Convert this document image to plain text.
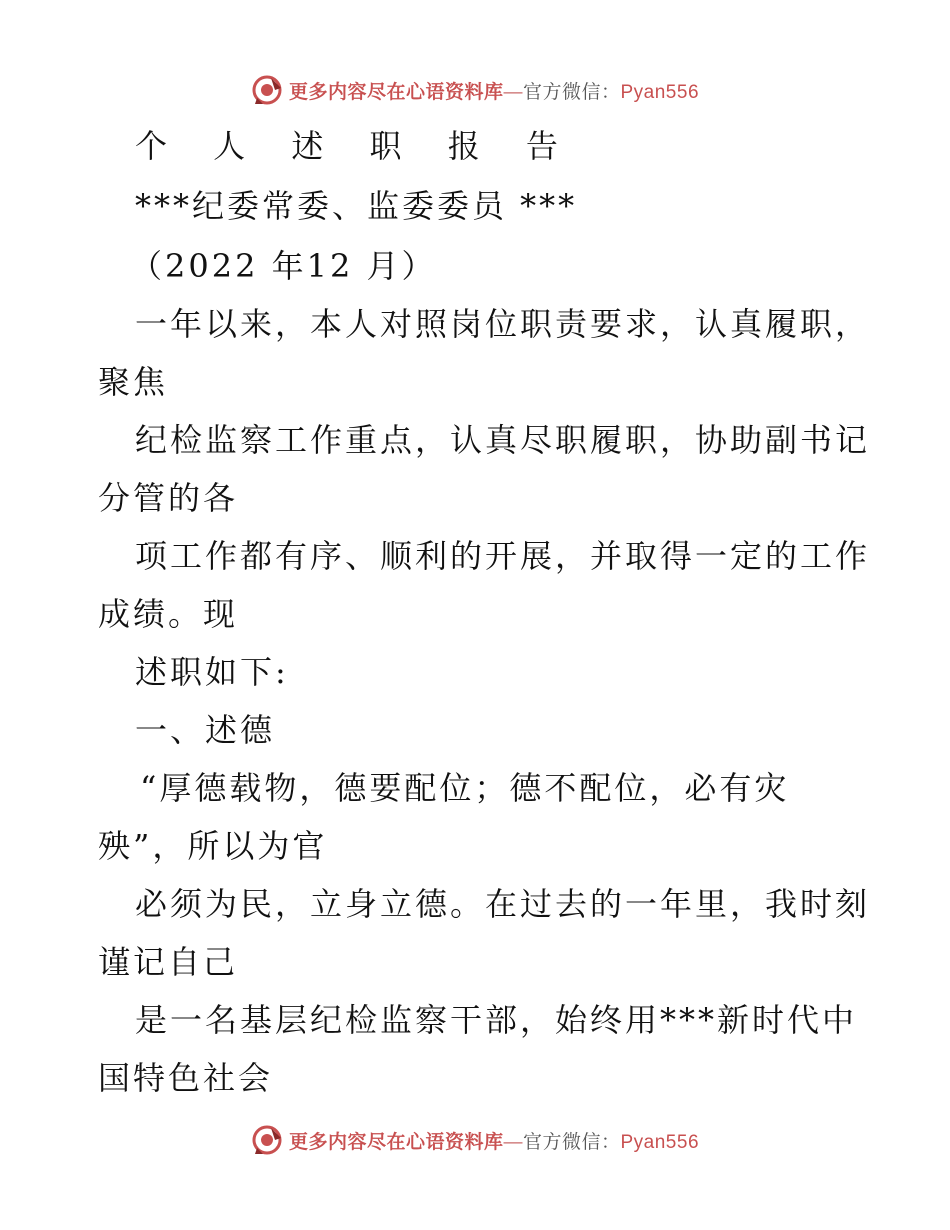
更多内容尽在心语资料库—官方微信：Pyan556
个 人 述 职 报 告
***纪委常委、监委委员 ***
（2022 年12 月）
一年以来，本人对照岗位职责要求，认真履职，
聚焦
纪检监察工作重点，认真尽职履职，协助副书记
分管的各
项工作都有序、顺利的开展，并取得一定的工作
成绩。现
述职如下:
一、述德
“厚德载物，德要配位；德不配位，必有灾
殃”，所以为官
必须为民，立身立德。在过去的一年里，我时刻
谨记自己
是一名基层纪检监察干部，始终用***新时代中
国特色社会
更多内容尽在心语资料库—官方微信：Pyan556
